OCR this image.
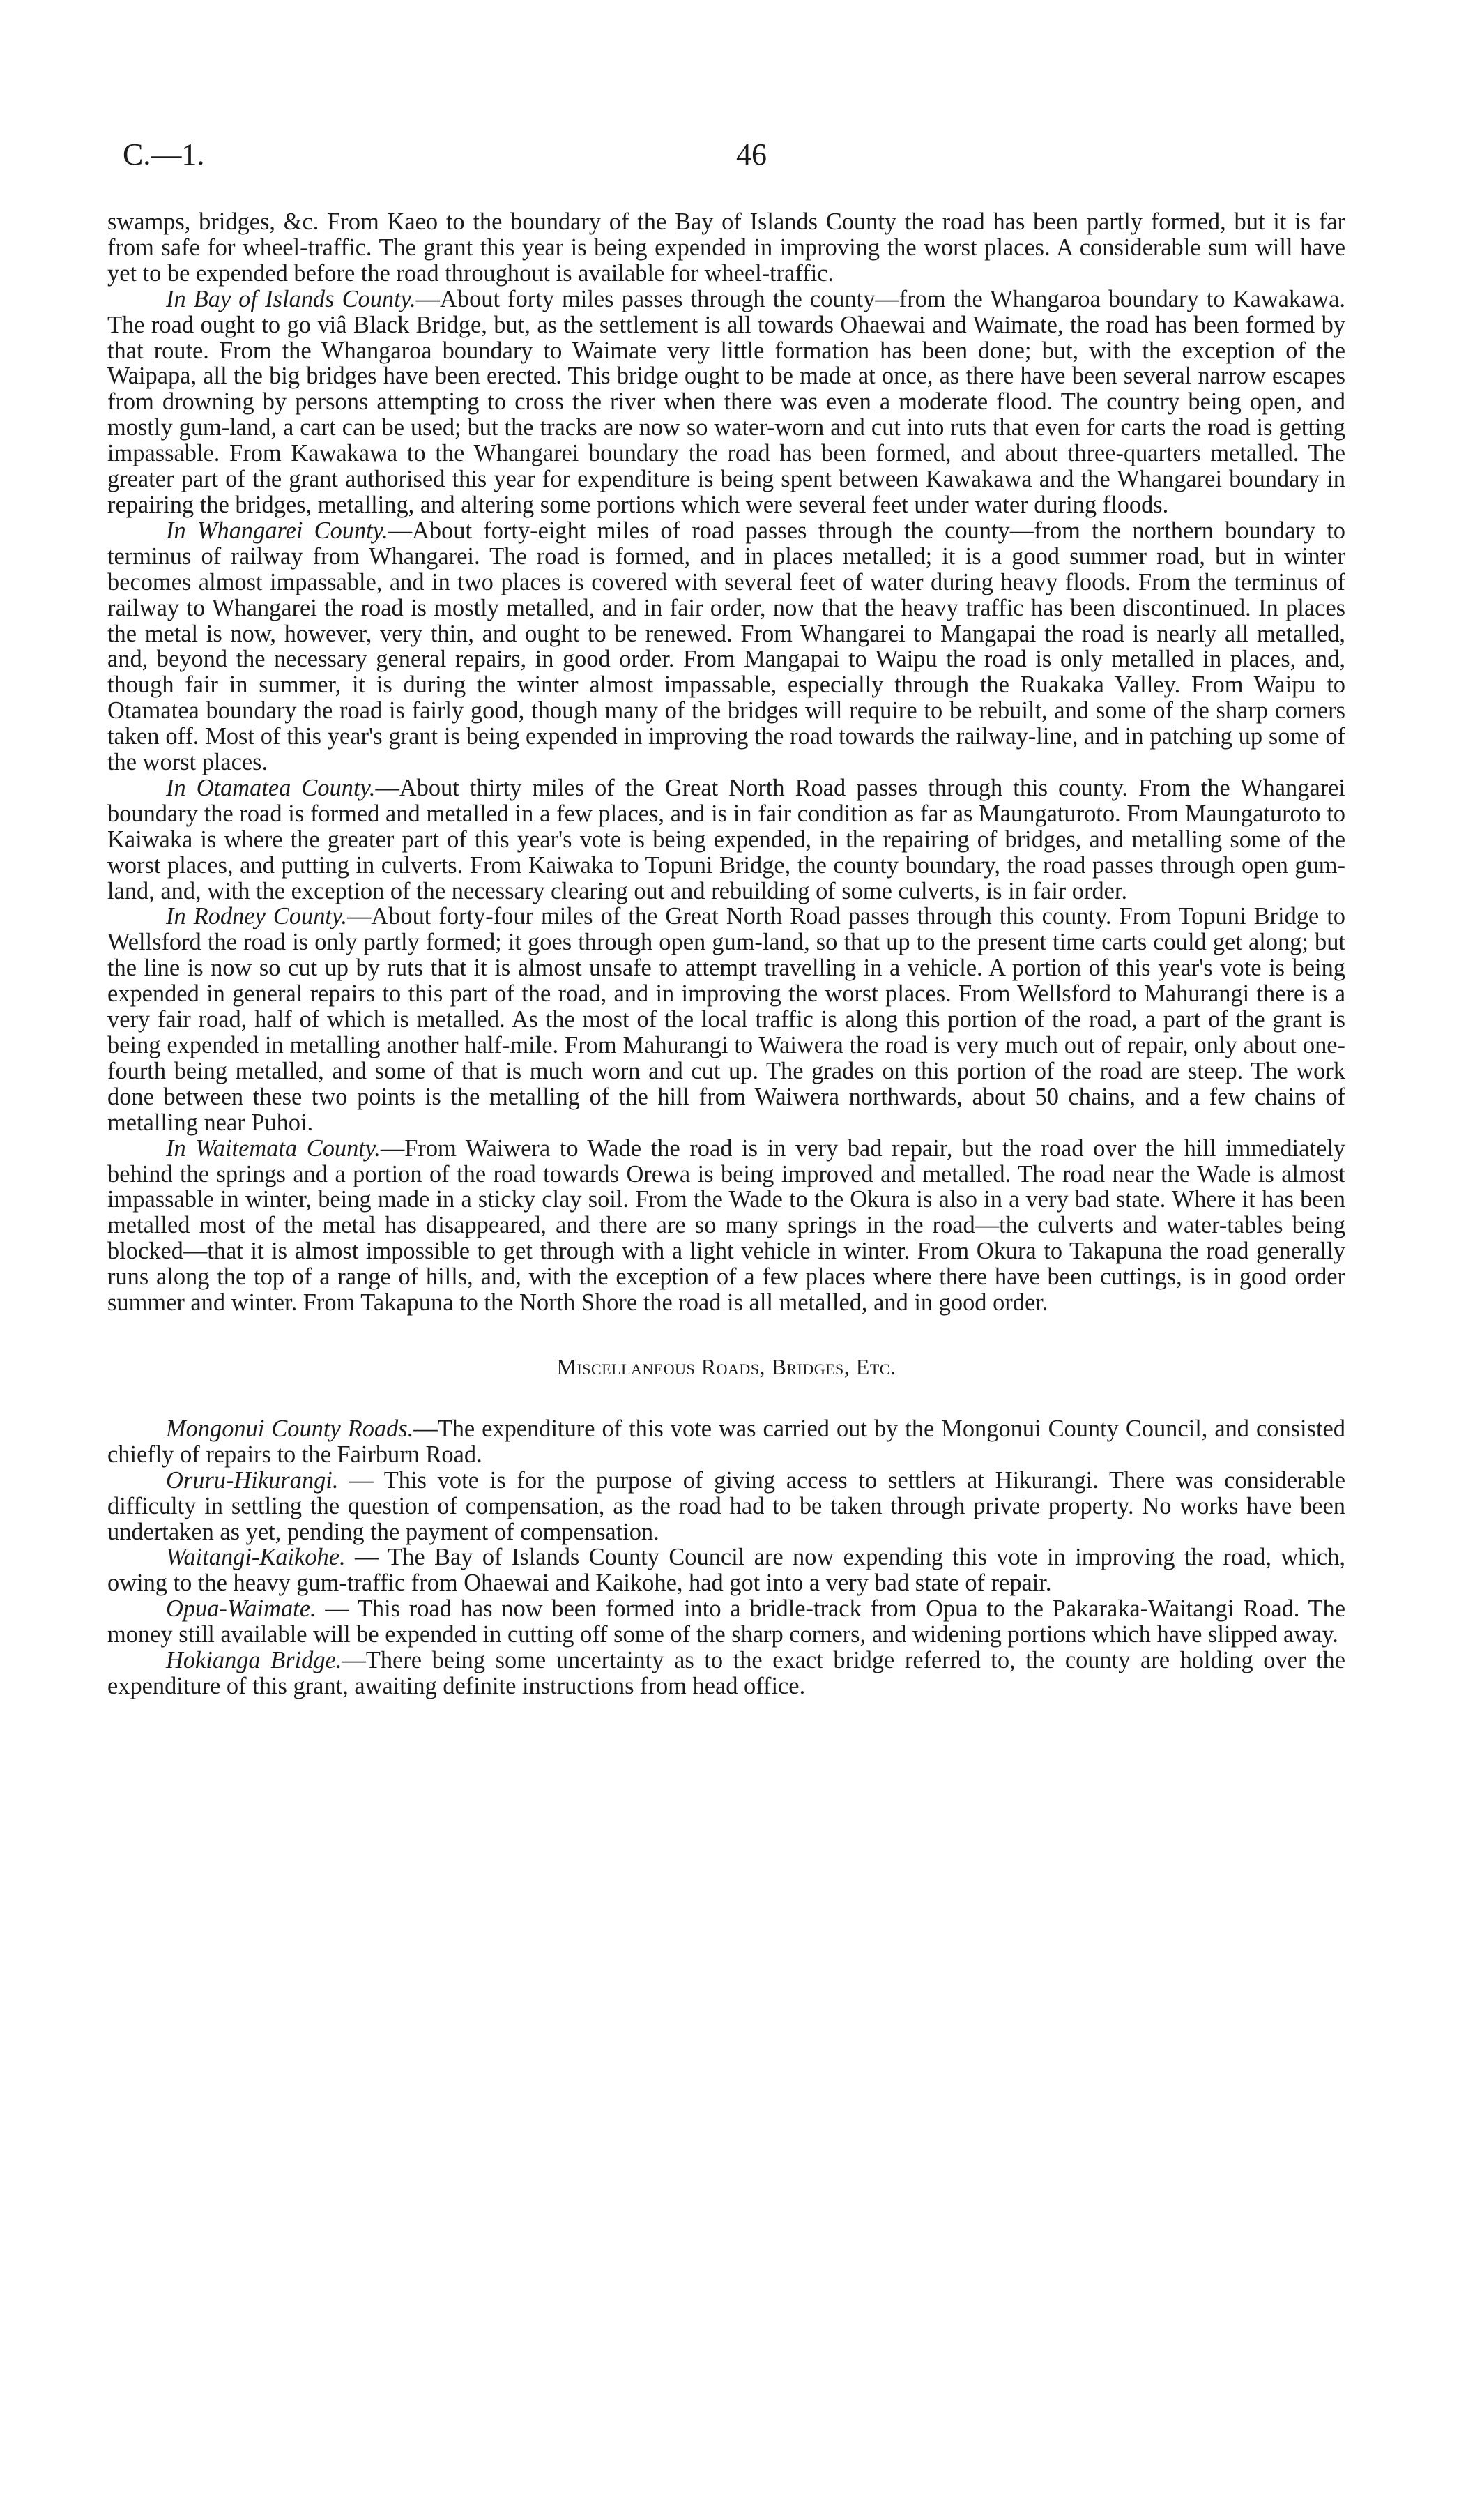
C.—1.	46

swamps, bridges, &c. From Kaeo to the boundary of the Bay of Islands County the road has been partly formed, but it is far from safe for wheel-traffic. The grant this year is being expended in improving the worst places. A considerable sum will have yet to be expended before the road throughout is available for wheel-traffic.

In Bay of Islands County.—About forty miles passes through the county—from the Whangaroa boundary to Kawakawa. The road ought to go viâ Black Bridge, but, as the settlement is all towards Ohaewai and Waimate, the road has been formed by that route. From the Whangaroa boundary to Waimate very little formation has been done; but, with the exception of the Waipapa, all the big bridges have been erected. This bridge ought to be made at once, as there have been several narrow escapes from drowning by persons attempting to cross the river when there was even a moderate flood. The country being open, and mostly gum-land, a cart can be used; but the tracks are now so water-worn and cut into ruts that even for carts the road is getting impassable. From Kawakawa to the Whangarei boundary the road has been formed, and about three-quarters metalled. The greater part of the grant authorised this year for expenditure is being spent between Kawakawa and the Whangarei boundary in repairing the bridges, metalling, and altering some portions which were several feet under water during floods.

In Whangarei County.—About forty-eight miles of road passes through the county—from the northern boundary to terminus of railway from Whangarei. The road is formed, and in places metalled; it is a good summer road, but in winter becomes almost impassable, and in two places is covered with several feet of water during heavy floods. From the terminus of railway to Whangarei the road is mostly metalled, and in fair order, now that the heavy traffic has been discontinued. In places the metal is now, however, very thin, and ought to be renewed. From Whangarei to Mangapai the road is nearly all metalled, and, beyond the necessary general repairs, in good order. From Mangapai to Waipu the road is only metalled in places, and, though fair in summer, it is during the winter almost impassable, especially through the Ruakaka Valley. From Waipu to Otamatea boundary the road is fairly good, though many of the bridges will require to be rebuilt, and some of the sharp corners taken off. Most of this year's grant is being expended in improving the road towards the railway-line, and in patching up some of the worst places.

In Otamatea County.—About thirty miles of the Great North Road passes through this county. From the Whangarei boundary the road is formed and metalled in a few places, and is in fair condition as far as Maungaturoto. From Maungaturoto to Kaiwaka is where the greater part of this year's vote is being expended, in the repairing of bridges, and metalling some of the worst places, and putting in culverts. From Kaiwaka to Topuni Bridge, the county boundary, the road passes through open gum-land, and, with the exception of the necessary clearing out and rebuilding of some culverts, is in fair order.

In Rodney County.—About forty-four miles of the Great North Road passes through this county. From Topuni Bridge to Wellsford the road is only partly formed; it goes through open gum-land, so that up to the present time carts could get along; but the line is now so cut up by ruts that it is almost unsafe to attempt travelling in a vehicle. A portion of this year's vote is being expended in general repairs to this part of the road, and in improving the worst places. From Wellsford to Mahurangi there is a very fair road, half of which is metalled. As the most of the local traffic is along this portion of the road, a part of the grant is being expended in metalling another half-mile. From Mahurangi to Waiwera the road is very much out of repair, only about one-fourth being metalled, and some of that is much worn and cut up. The grades on this portion of the road are steep. The work done between these two points is the metalling of the hill from Waiwera northwards, about 50 chains, and a few chains of metalling near Puhoi.

In Waitemata County.—From Waiwera to Wade the road is in very bad repair, but the road over the hill immediately behind the springs and a portion of the road towards Orewa is being improved and metalled. The road near the Wade is almost impassable in winter, being made in a sticky clay soil. From the Wade to the Okura is also in a very bad state. Where it has been metalled most of the metal has disappeared, and there are so many springs in the road—the culverts and water-tables being blocked—that it is almost impossible to get through with a light vehicle in winter. From Okura to Takapuna the road generally runs along the top of a range of hills, and, with the exception of a few places where there have been cuttings, is in good order summer and winter. From Takapuna to the North Shore the road is all metalled, and in good order.

Miscellaneous Roads, Bridges, Etc.

Mongonui County Roads.—The expenditure of this vote was carried out by the Mongonui County Council, and consisted chiefly of repairs to the Fairburn Road.

Oruru-Hikurangi. — This vote is for the purpose of giving access to settlers at Hikurangi. There was considerable difficulty in settling the question of compensation, as the road had to be taken through private property. No works have been undertaken as yet, pending the payment of compensation.

Waitangi-Kaikohe. — The Bay of Islands County Council are now expending this vote in improving the road, which, owing to the heavy gum-traffic from Ohaewai and Kaikohe, had got into a very bad state of repair.

Opua-Waimate. — This road has now been formed into a bridle-track from Opua to the Pakaraka-Waitangi Road. The money still available will be expended in cutting off some of the sharp corners, and widening portions which have slipped away.

Hokianga Bridge.—There being some uncertainty as to the exact bridge referred to, the county are holding over the expenditure of this grant, awaiting definite instructions from head office.
